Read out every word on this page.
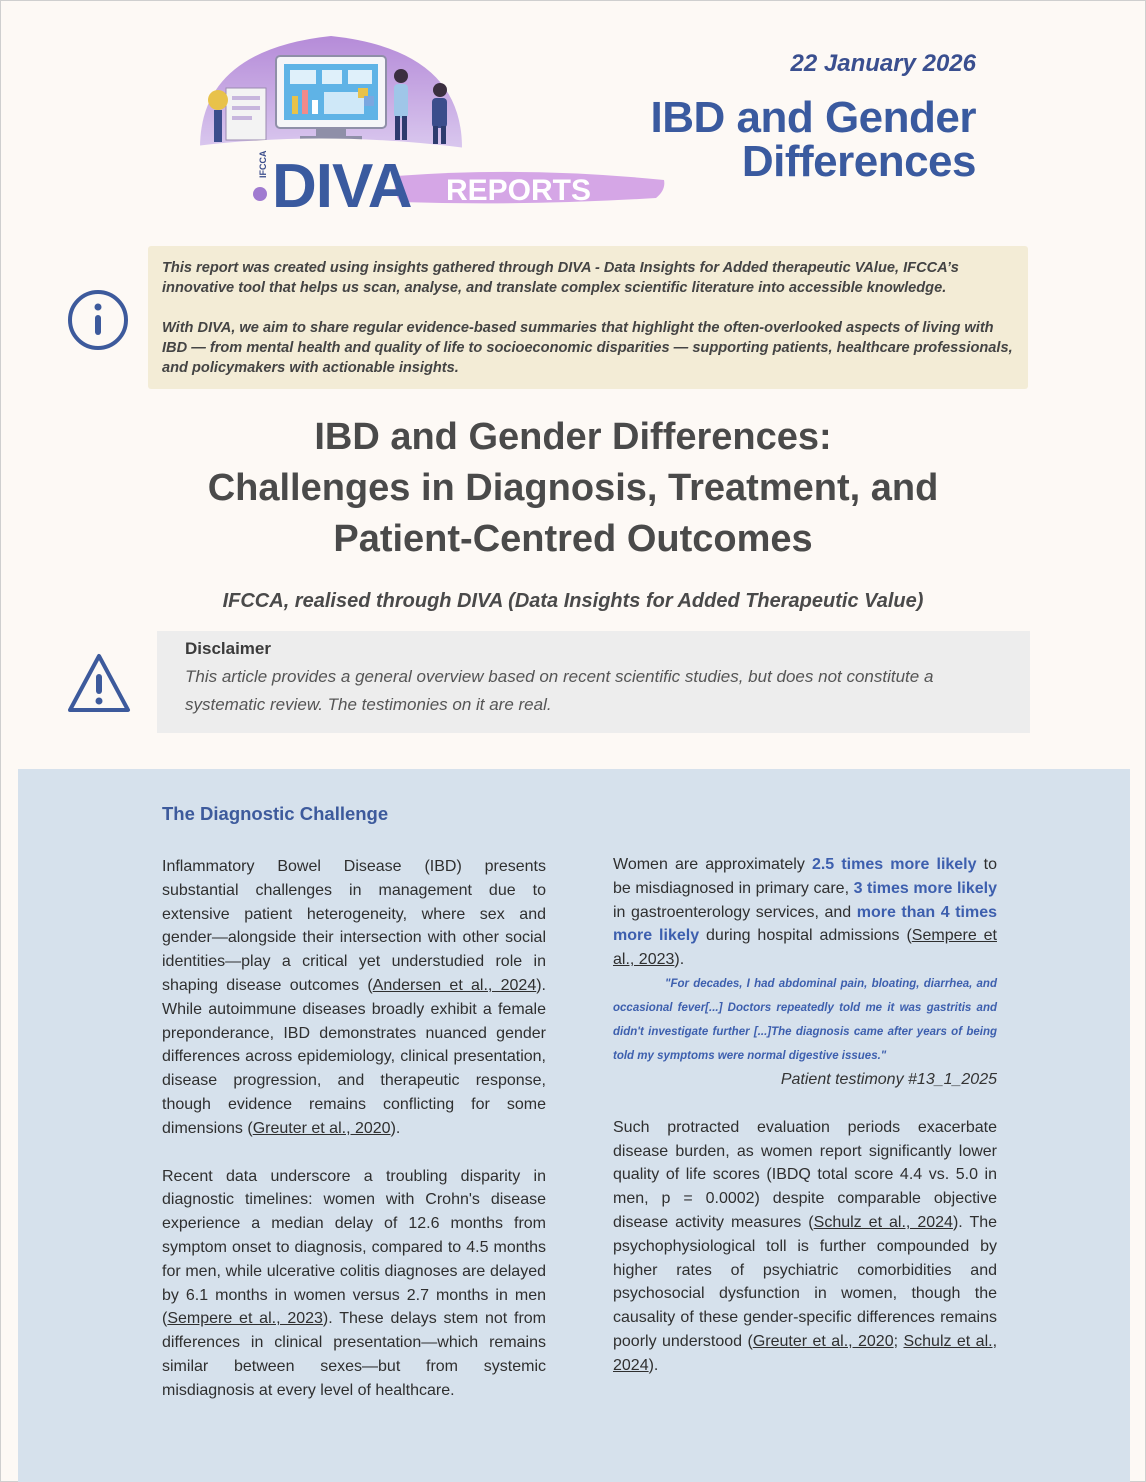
REPORTS
IFCCA DIVA
22 January 2026
IBD and Gender
Differences

This report was created using insights gathered through DIVA - Data Insights for Added therapeutic VAlue, IFCCA’s innovative tool that helps us scan, analyse, and translate complex scientific literature into accessible knowledge.

With DIVA, we aim to share regular evidence-based summaries that highlight the often-overlooked aspects of living with IBD — from mental health and quality of life to socioeconomic disparities — supporting patients, healthcare professionals, and policymakers with actionable insights.

IBD and Gender Differences:
Challenges in Diagnosis, Treatment, and
Patient-Centred Outcomes
IFCCA, realised through DIVA (Data Insights for Added Therapeutic Value)
Disclaimer
This article provides a general overview based on recent scientific studies, but does not constitute a systematic review. The testimonies on it are real.
The Diagnostic Challenge

Inflammatory Bowel Disease (IBD) presents substantial challenges in management due to extensive patient heterogeneity, where sex and gender—alongside their intersection with other social identities—play a critical yet understudied role in shaping disease outcomes (Andersen et al., 2024). While autoimmune diseases broadly exhibit a female preponderance, IBD demonstrates nuanced gender differences across epidemiology, clinical presentation, disease progression, and therapeutic response, though evidence remains conflicting for some dimensions (Greuter et al., 2020).

Recent data underscore a troubling disparity in diagnostic timelines: women with Crohn's disease experience a median delay of 12.6 months from symptom onset to diagnosis, compared to 4.5 months for men, while ulcerative colitis diagnoses are delayed by 6.1 months in women versus 2.7 months in men (Sempere et al., 2023). These delays stem not from differences in clinical presentation—which remains similar between sexes—but from systemic misdiagnosis at every level of healthcare.

Women are approximately 2.5 times more likely to be misdiagnosed in primary care, 3 times more likely in gastroenterology services, and more than 4 times more likely during hospital admissions (Sempere et al., 2023).

"For decades, I had abdominal pain, bloating, diarrhea, and occasional fever[...] Doctors repeatedly told me it was gastritis and didn't investigate further [...]The diagnosis came after years of being told my symptoms were normal digestive issues."

Patient testimony #13_1_2025

Such protracted evaluation periods exacerbate disease burden, as women report significantly lower quality of life scores (IBDQ total score 4.4 vs. 5.0 in men, p = 0.0002) despite comparable objective disease activity measures (Schulz et al., 2024). The psychophysiological toll is further compounded by higher rates of psychiatric comorbidities and psychosocial dysfunction in women, though the causality of these gender-specific differences remains poorly understood (Greuter et al., 2020; Schulz et al., 2024).
